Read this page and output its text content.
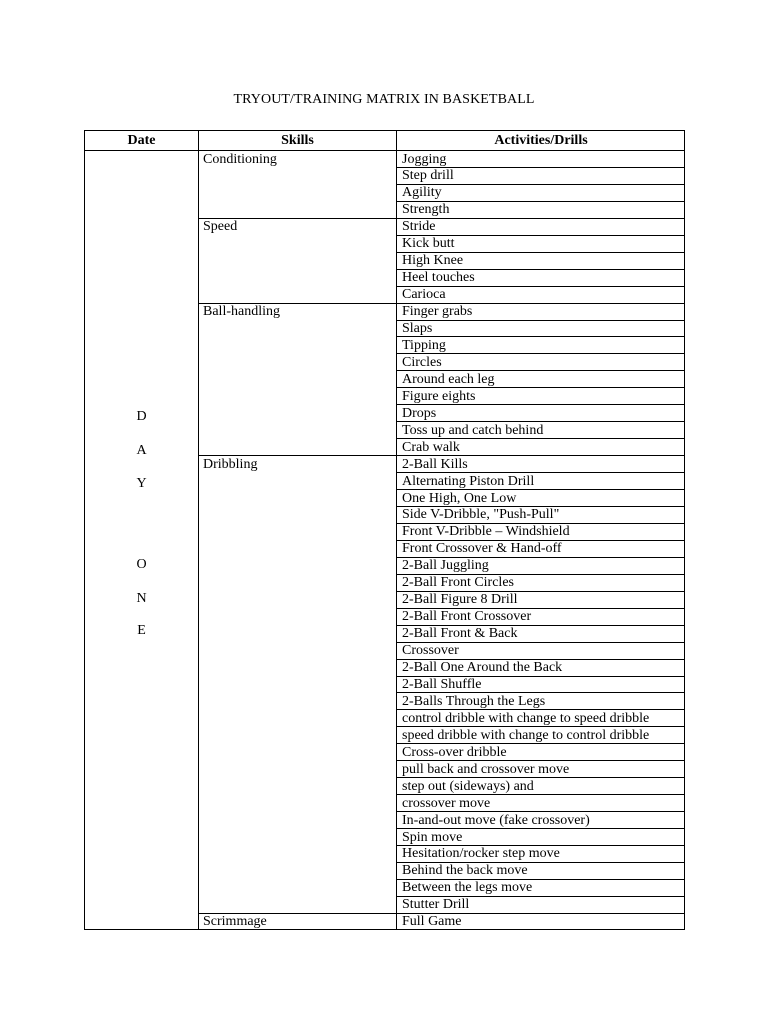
TRYOUT/TRAINING MATRIX IN BASKETBALL
Date	Skills	Activities/Drills
Jogging
Step drill
Agility
Strength
Stride
Kick butt
High Knee
Heel touches
Carioca
Finger grabs
Slaps
Tipping
Circles
Around each leg
Figure eights
Drops
Toss up and catch behind
Crab walk
2-Ball Kills
Alternating Piston Drill
One High, One Low
Side V-Dribble, "Push-Pull"
Front V-Dribble – Windshield
Front Crossover & Hand-off
2-Ball Juggling
2-Ball Front Circles
2-Ball Figure 8 Drill
2-Ball Front Crossover
2-Ball Front & Back
Crossover
2-Ball One Around the Back
2-Ball Shuffle
2-Balls Through the Legs
control dribble with change to speed dribble
speed dribble with change to control dribble
Cross-over dribble
pull back and crossover move
step out (sideways) and
crossover move
In-and-out move (fake crossover)
Spin move
Hesitation/rocker step move
Behind the back move
Between the legs move
Stutter Drill
Full Game
Conditioning
Speed
Ball-handling
Dribbling
Scrimmage
D
A
Y
O
N
E
